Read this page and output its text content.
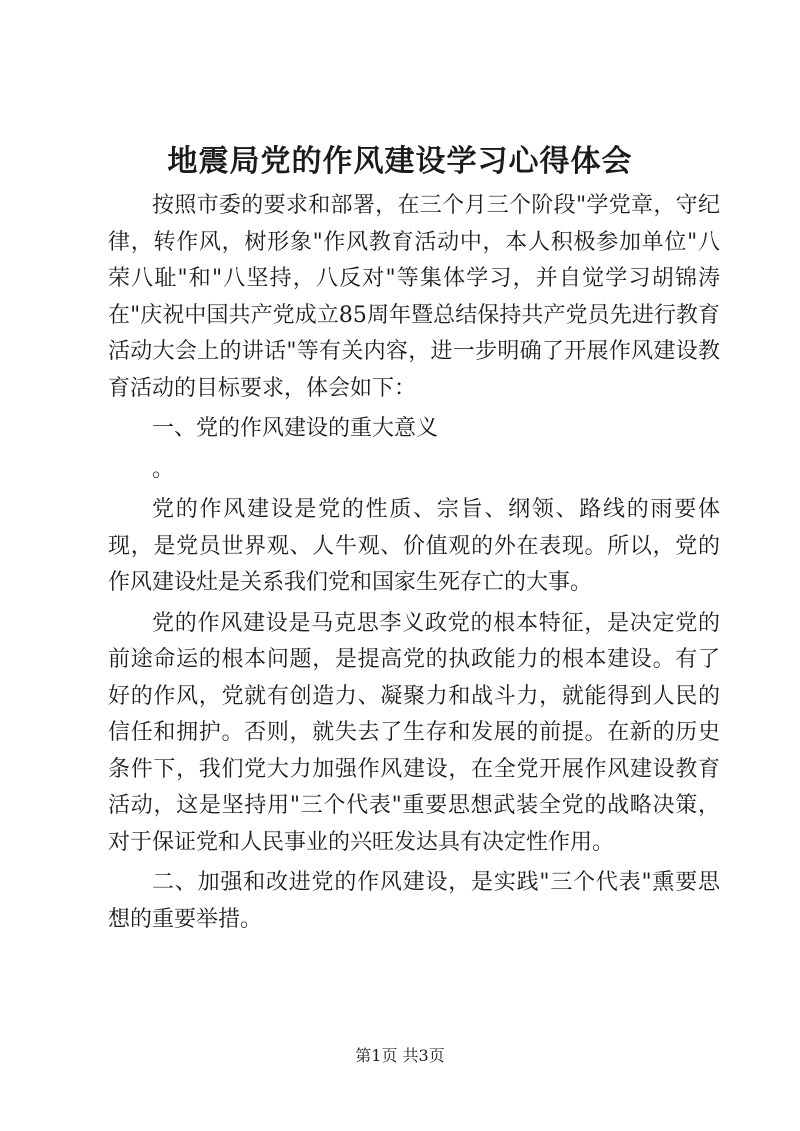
地震局党的作风建设学习心得体会

按照市委的要求和部署，在三个月三个阶段"学党章，守纪律，转作风，树形象"作风教育活动中，本人积极参加单位"八荣八耻"和"八坚持，八反对"等集体学习，并自觉学习胡锦涛在"庆祝中国共产党成立85周年暨总结保持共产党员先进行教育活动大会上的讲话"等有关内容，进一步明确了开展作风建设教育活动的目标要求，体会如下：

一、党的作风建设的重大意义

。

党的作风建设是党的性质、宗旨、纲领、路线的雨要体现，是党员世界观、人牛观、价值观的外在表现。所以，党的作风建设灶是关系我们党和国家生死存亡的大事。

党的作风建设是马克思李义政党的根本特征，是决定党的前途命运的根本问题，是提高党的执政能力的根本建设。有了好的作风，党就有创造力、凝聚力和战斗力，就能得到人民的信任和拥护。否则，就失去了生存和发展的前提。在新的历史条件下，我们党大力加强作风建设，在全党开展作风建设教育活动，这是坚持用"三个代表"重要思想武装全党的战略决策，对于保证党和人民事业的兴旺发达具有决定性作用。

二、加强和改进党的作风建设，是实践"三个代表"熏要思想的重要举措。

第1页 共3页
